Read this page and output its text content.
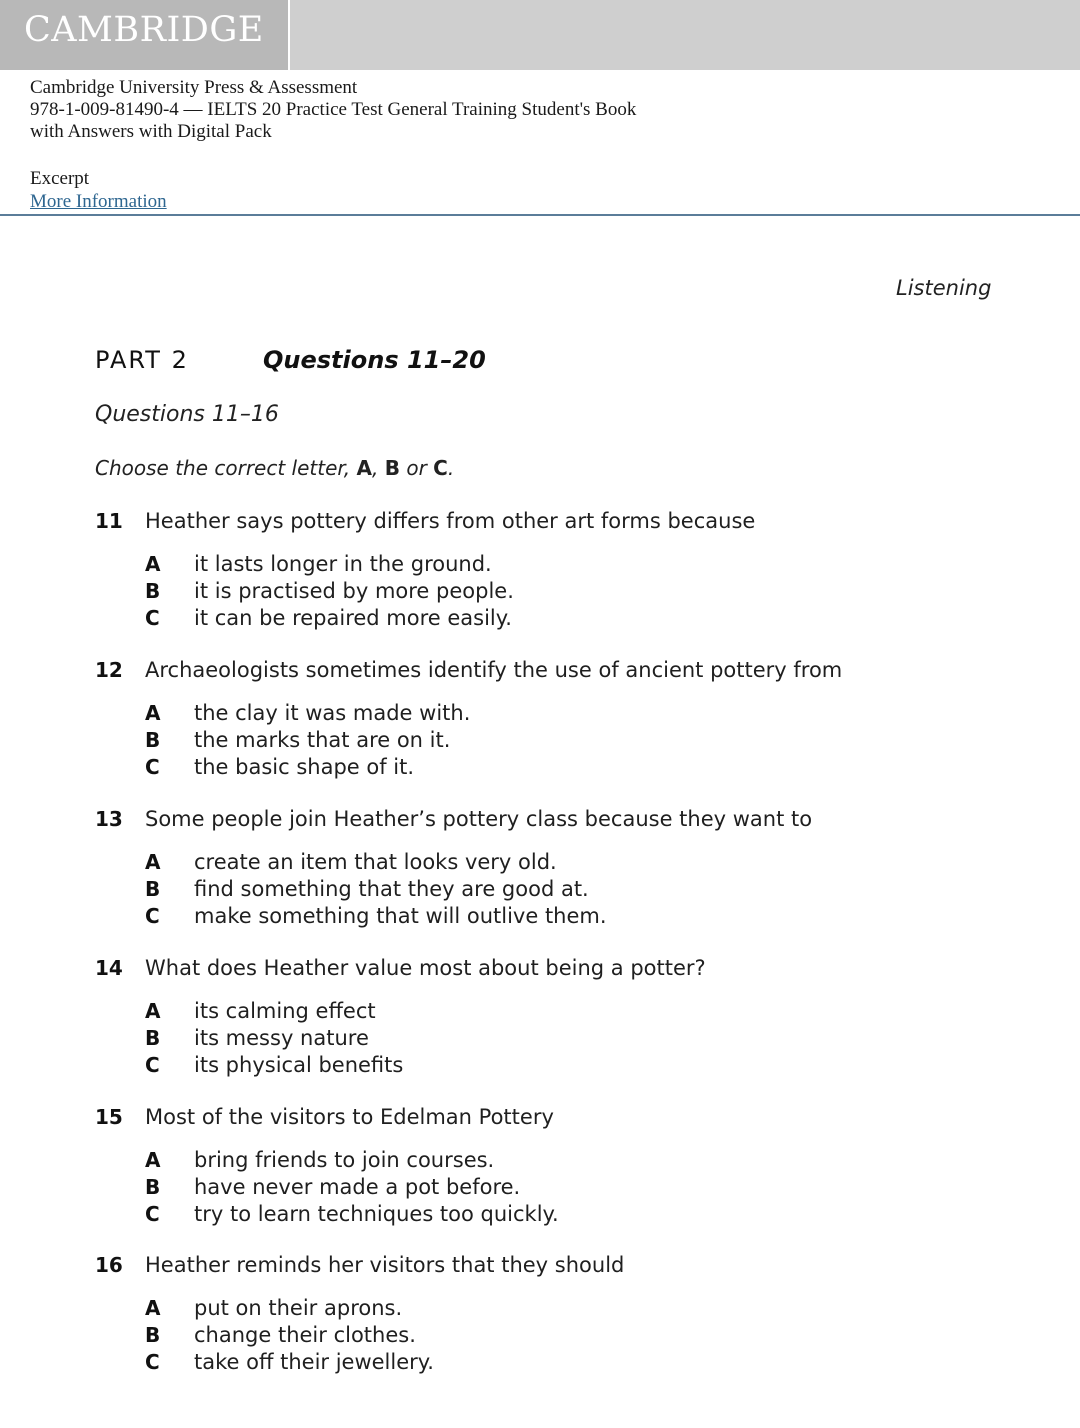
CAMBRIDGE
Cambridge University Press & Assessment
978-1-009-81490-4 — IELTS 20 Practice Test General Training Student's Book
with Answers with Digital Pack
Excerpt
More Information
Listening
PART 2	Questions 11–20
Questions 11–16
Choose the correct letter, A, B or C.
11 Heather says pottery differs from other art forms because
A it lasts longer in the ground.
B it is practised by more people.
C it can be repaired more easily.
12 Archaeologists sometimes identify the use of ancient pottery from
A the clay it was made with.
B the marks that are on it.
C the basic shape of it.
13 Some people join Heather’s pottery class because they want to
A create an item that looks very old.
B find something that they are good at.
C make something that will outlive them.
14 What does Heather value most about being a potter?
A its calming effect
B its messy nature
C its physical benefits
15 Most of the visitors to Edelman Pottery
A bring friends to join courses.
B have never made a pot before.
C try to learn techniques too quickly.
16 Heather reminds her visitors that they should
A put on their aprons.
B change their clothes.
C take off their jewellery.
